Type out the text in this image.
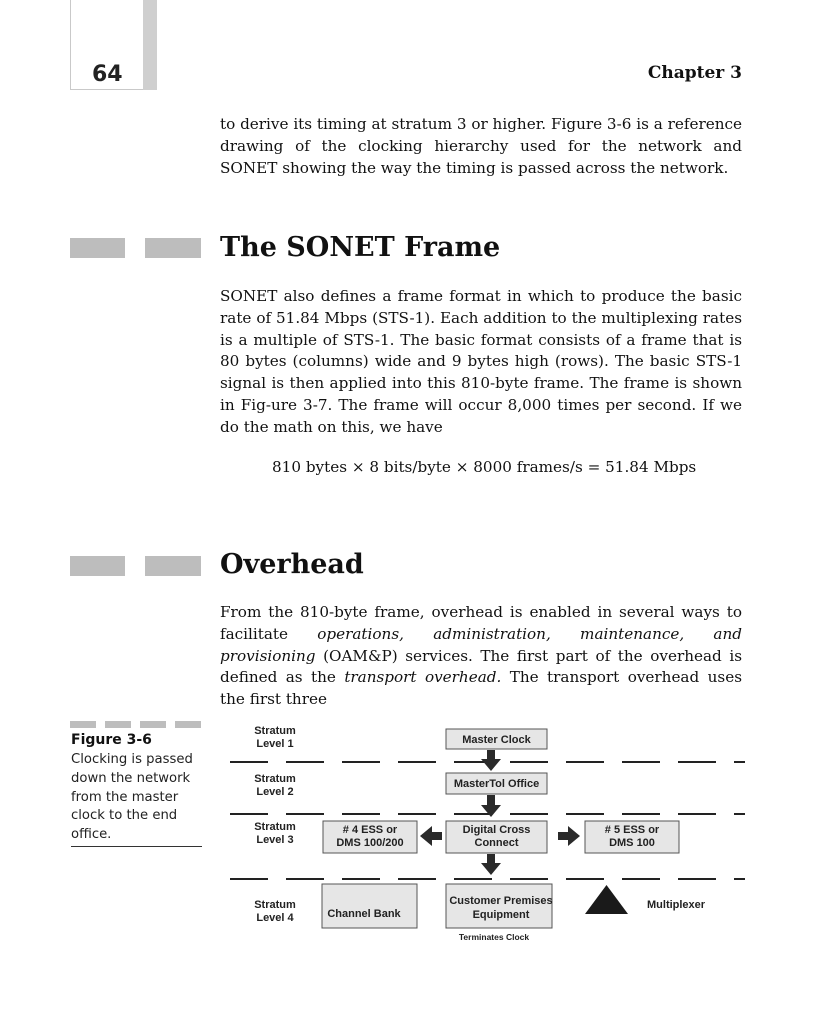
64	Chapter 3

to derive its timing at stratum 3 or higher. Figure 3-6 is a reference drawing of the clocking hierarchy used for the network and SONET showing the way the timing is passed across the network.

The SONET Frame

SONET also defines a frame format in which to produce the basic rate of 51.84 Mbps (STS-1). Each addition to the multiplexing rates is a multiple of STS-1. The basic format consists of a frame that is 80 bytes (columns) wide and 9 bytes high (rows). The basic STS-1 signal is then applied into this 810-byte frame. The frame is shown in Fig-ure 3-7. The frame will occur 8,000 times per second. If we do the math on this, we have

810 bytes × 8 bits/byte × 8000 frames/s = 51.84 Mbps
Overhead

From the 810-byte frame, overhead is enabled in several ways to facilitate operations, administration, maintenance, and provisioning (OAM&P) services. The first part of the overhead is defined as the transport overhead. The transport overhead uses the first three

Figure 3-6
Clocking is passed down the network from the master clock to the end office.
Stratum
Level 1
Stratum
Level 2
Stratum
Level 3
Stratum
Level 4
Master Clock
MasterTol Office
# 4 ESS or
DMS 100/200
Digital Cross
Connect
# 5 ESS or
DMS 100
Channel Bank
Customer Premises
Equipment
Terminates Clock
Multiplexer
